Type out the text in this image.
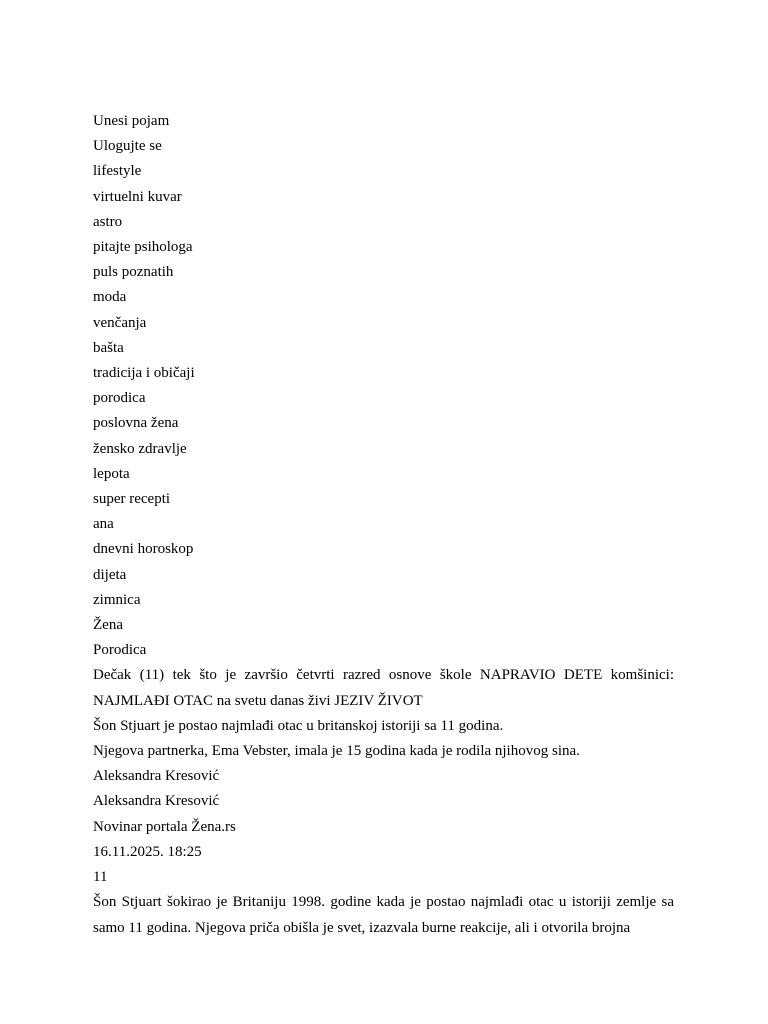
Unesi pojam
Ulogujte se
lifestyle
virtuelni kuvar
astro
pitajte psihologa
puls poznatih
moda
venčanja
bašta
tradicija i običaji
porodica
poslovna žena
žensko zdravlje
lepota
super recepti
ana
dnevni horoskop
dijeta
zimnica
Žena
Porodica
Dečak (11) tek što je završio četvrti razred osnove škole NAPRAVIO DETE komšinici: NAJMLAĐI OTAC na svetu danas živi JEZIV ŽIVOT
Šon Stjuart je postao najmlađi otac u britanskoj istoriji sa 11 godina.
Njegova partnerka, Ema Vebster, imala je 15 godina kada je rodila njihovog sina.
Aleksandra Kresović
Aleksandra Kresović
Novinar portala Žena.rs
16.11.2025. 18:25
11
Šon Stjuart šokirao je Britaniju 1998. godine kada je postao najmlađi otac u istoriji zemlje sa samo 11 godina. Njegova priča obišla je svet, izazvala burne reakcije, ali i otvorila brojna
